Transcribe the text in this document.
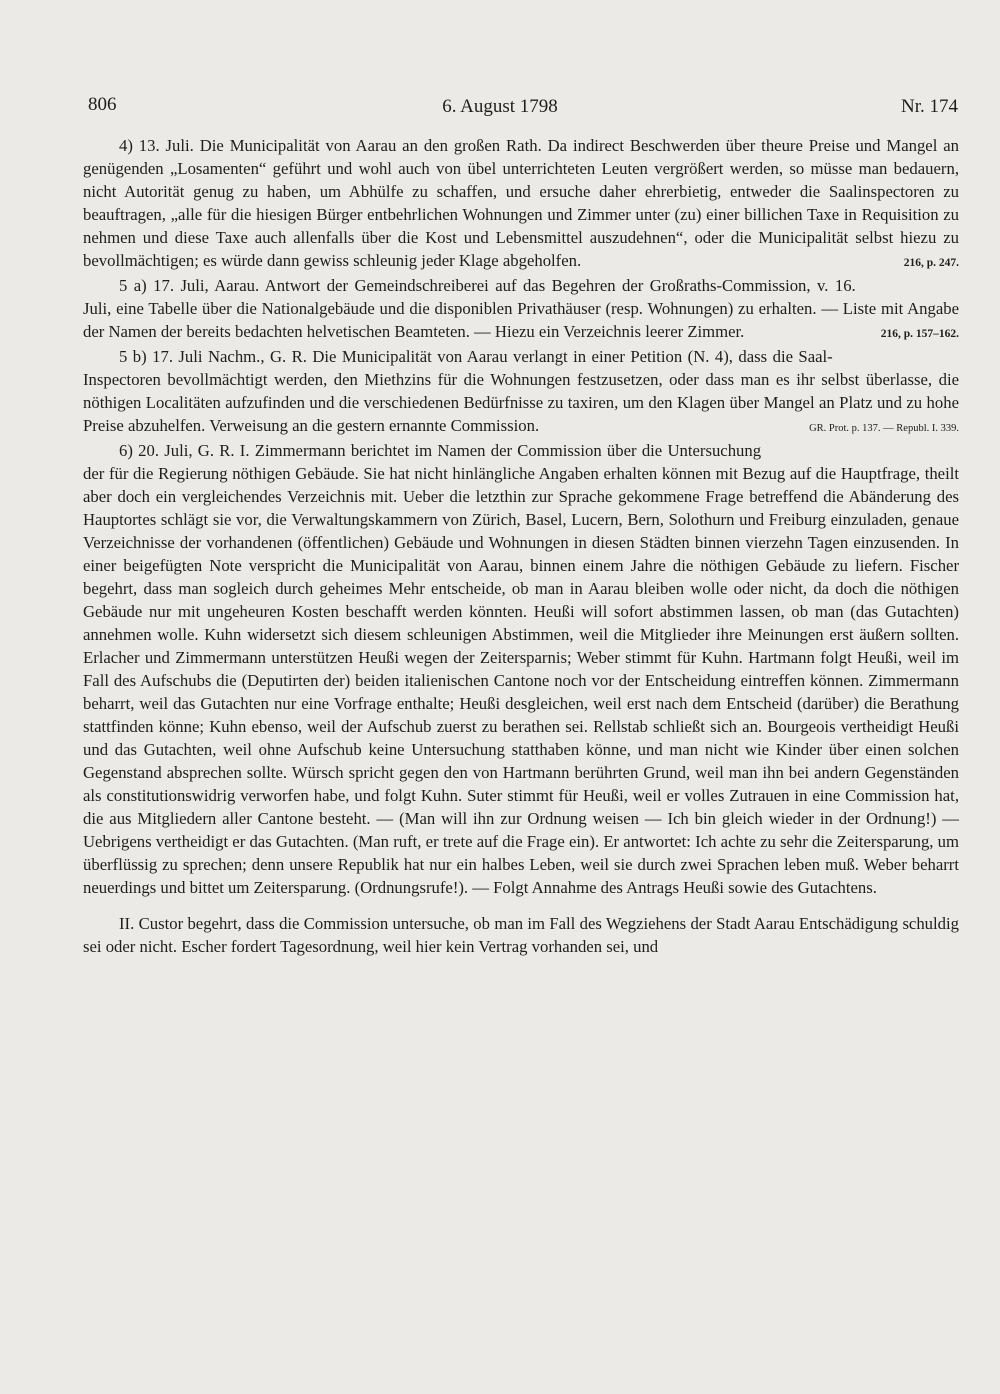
806	6. August 1798	Nr. 174

4) 13. Juli. Die Municipalität von Aarau an den großen Rath. Da indirect Beschwerden über theure Preise und Mangel an genügenden „Losamenten“ geführt und wohl auch von übel unterrichteten Leuten vergrößert werden, so müsse man bedauern, nicht Autorität genug zu haben, um Abhülfe zu schaffen, und ersuche daher ehrerbietig, entweder die Saalinspectoren zu beauftragen, „alle für die hiesigen Bürger entbehrlichen Wohnungen und Zimmer unter (zu) einer billichen Taxe in Requisition zu nehmen und diese Taxe auch allenfalls über die Kost und Lebensmittel auszudehnen“, oder die Municipalität selbst hiezu zu bevollmächtigen; es würde dann gewiss schleunig jeder Klage abgeholfen.	216, p. 247.

5 a) 17. Juli, Aarau. Antwort der Gemeindschreiberei auf das Begehren der Großraths-Commission, v. 16. Juli, eine Tabelle über die Nationalgebäude und die disponiblen Privathäuser (resp. Wohnungen) zu erhalten. — Liste mit Angabe der Namen der bereits bedachten helvetischen Beamteten. — Hiezu ein Verzeichnis leerer Zimmer.	216, p. 157–162.

5 b) 17. Juli Nachm., G. R. Die Municipalität von Aarau verlangt in einer Petition (N. 4), dass die Saal-Inspectoren bevollmächtigt werden, den Miethzins für die Wohnungen festzusetzen, oder dass man es ihr selbst überlasse, die nöthigen Localitäten aufzufinden und die verschiedenen Bedürfnisse zu taxiren, um den Klagen über Mangel an Platz und zu hohe Preise abzuhelfen. Verweisung an die gestern ernannte Commission.	GR. Prot. p. 137. — Republ. I. 339.

6) 20. Juli, G. R. I. Zimmermann berichtet im Namen der Commission über die Untersuchung der für die Regierung nöthigen Gebäude. Sie hat nicht hinlängliche Angaben erhalten können mit Bezug auf die Hauptfrage, theilt aber doch ein vergleichendes Verzeichnis mit. Ueber die letzthin zur Sprache gekommene Frage betreffend die Abänderung des Hauptortes schlägt sie vor, die Verwaltungskammern von Zürich, Basel, Lucern, Bern, Solothurn und Freiburg einzuladen, genaue Verzeichnisse der vorhandenen (öffentlichen) Gebäude und Wohnungen in diesen Städten binnen vierzehn Tagen einzusenden. In einer beigefügten Note verspricht die Municipalität von Aarau, binnen einem Jahre die nöthigen Gebäude zu liefern. Fischer begehrt, dass man sogleich durch geheimes Mehr entscheide, ob man in Aarau bleiben wolle oder nicht, da doch die nöthigen Gebäude nur mit ungeheuren Kosten beschafft werden könnten. Heußi will sofort abstimmen lassen, ob man (das Gutachten) annehmen wolle. Kuhn widersetzt sich diesem schleunigen Abstimmen, weil die Mitglieder ihre Meinungen erst äußern sollten. Erlacher und Zimmermann unterstützen Heußi wegen der Zeitersparnis; Weber stimmt für Kuhn. Hartmann folgt Heußi, weil im Fall des Aufschubs die (Deputirten der) beiden italienischen Cantone noch vor der Entscheidung eintreffen können. Zimmermann beharrt, weil das Gutachten nur eine Vorfrage enthalte; Heußi desgleichen, weil erst nach dem Entscheid (darüber) die Berathung stattfinden könne; Kuhn ebenso, weil der Aufschub zuerst zu berathen sei. Rellstab schließt sich an. Bourgeois vertheidigt Heußi und das Gutachten, weil ohne Aufschub keine Untersuchung statthaben könne, und man nicht wie Kinder über einen solchen Gegenstand absprechen sollte. Würsch spricht gegen den von Hartmann berührten Grund, weil man ihn bei andern Gegenständen als constitutionswidrig verworfen habe, und folgt Kuhn. Suter stimmt für Heußi, weil er volles Zutrauen in eine Commission hat, die aus Mitgliedern aller Cantone besteht. — (Man will ihn zur Ordnung weisen — Ich bin gleich wieder in der Ordnung!) — Uebrigens vertheidigt er das Gutachten. (Man ruft, er trete auf die Frage ein). Er antwortet: Ich achte zu sehr die Zeitersparung, um überflüssig zu sprechen; denn unsere Republik hat nur ein halbes Leben, weil sie durch zwei Sprachen leben muß. Weber beharrt neuerdings und bittet um Zeitersparung. (Ordnungsrufe!). — Folgt Annahme des Antrags Heußi sowie des Gutachtens.

II. Custor begehrt, dass die Commission untersuche, ob man im Fall des Wegziehens der Stadt Aarau Entschädigung schuldig sei oder nicht. Escher fordert Tagesordnung, weil hier kein Vertrag vorhanden sei, und
